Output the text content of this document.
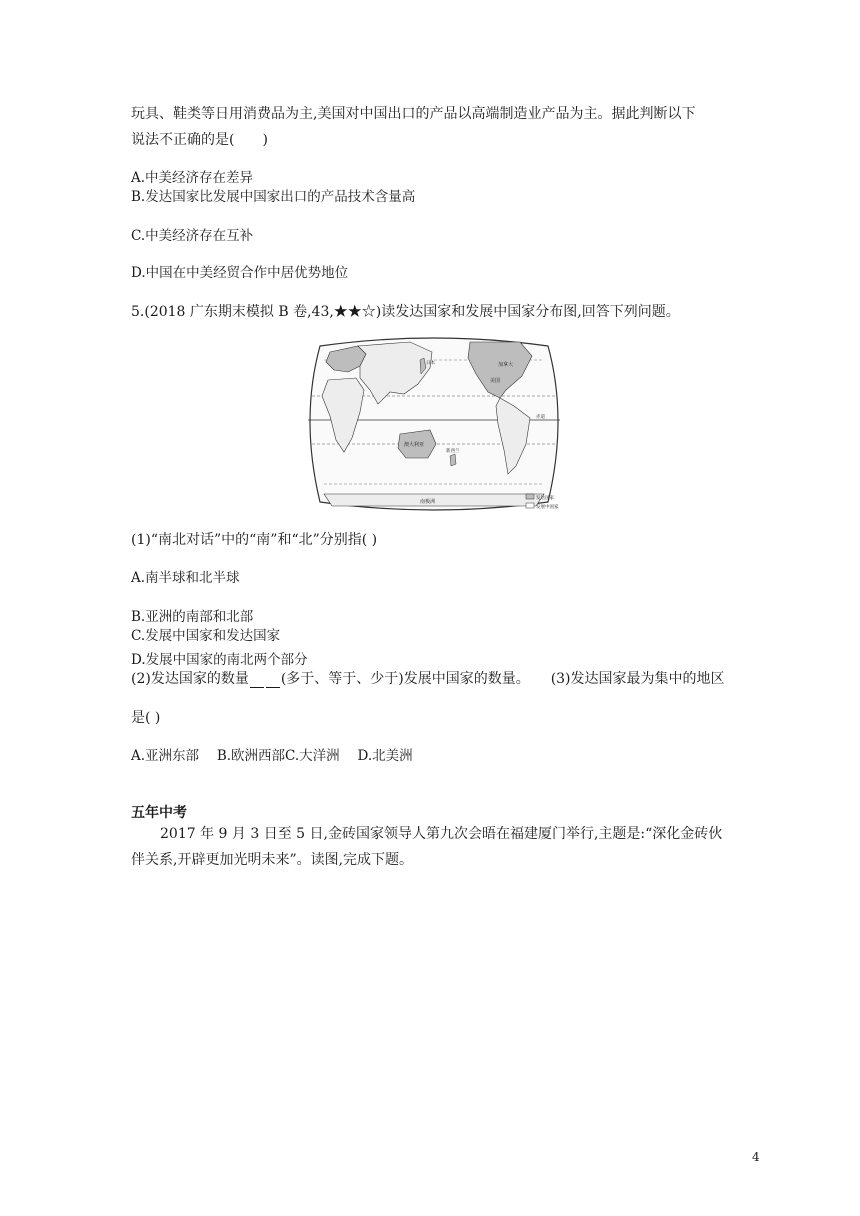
玩具、鞋类等日用消费品为主,美国对中国出口的产品以高端制造业产品为主。据此判断以下
说法不正确的是(　　)
A.中美经济存在差异
B.发达国家比发展中国家出口的产品技术含量高
C.中美经济存在互补
D.中国在中美经贸合作中居优势地位
5.(2018 广东期末模拟 B 卷,43,★★☆)读发达国家和发展中国家分布图,回答下列问题。
加拿大
美国
日本
澳大利亚
新西兰
南极洲
赤道
发达国家
发展中国家
(1)“南北对话”中的“南”和“北”分别指( )
A.南半球和北半球
B.亚洲的南部和北部
C.发展中国家和发达国家
D.发展中国家的南北两个部分
(2)发达国家的数量 (多于、等于、少于)发展中国家的数量。 (3)发达国家最为集中的地区
是( )
A.亚洲东部　 B.欧洲西部C.大洋洲　 D.北美洲
五年中考
2017 年 9 月 3 日至 5 日,金砖国家领导人第九次会晤在福建厦门举行,主题是:“深化金砖伙
伴关系,开辟更加光明未来”。读图,完成下题。
4
